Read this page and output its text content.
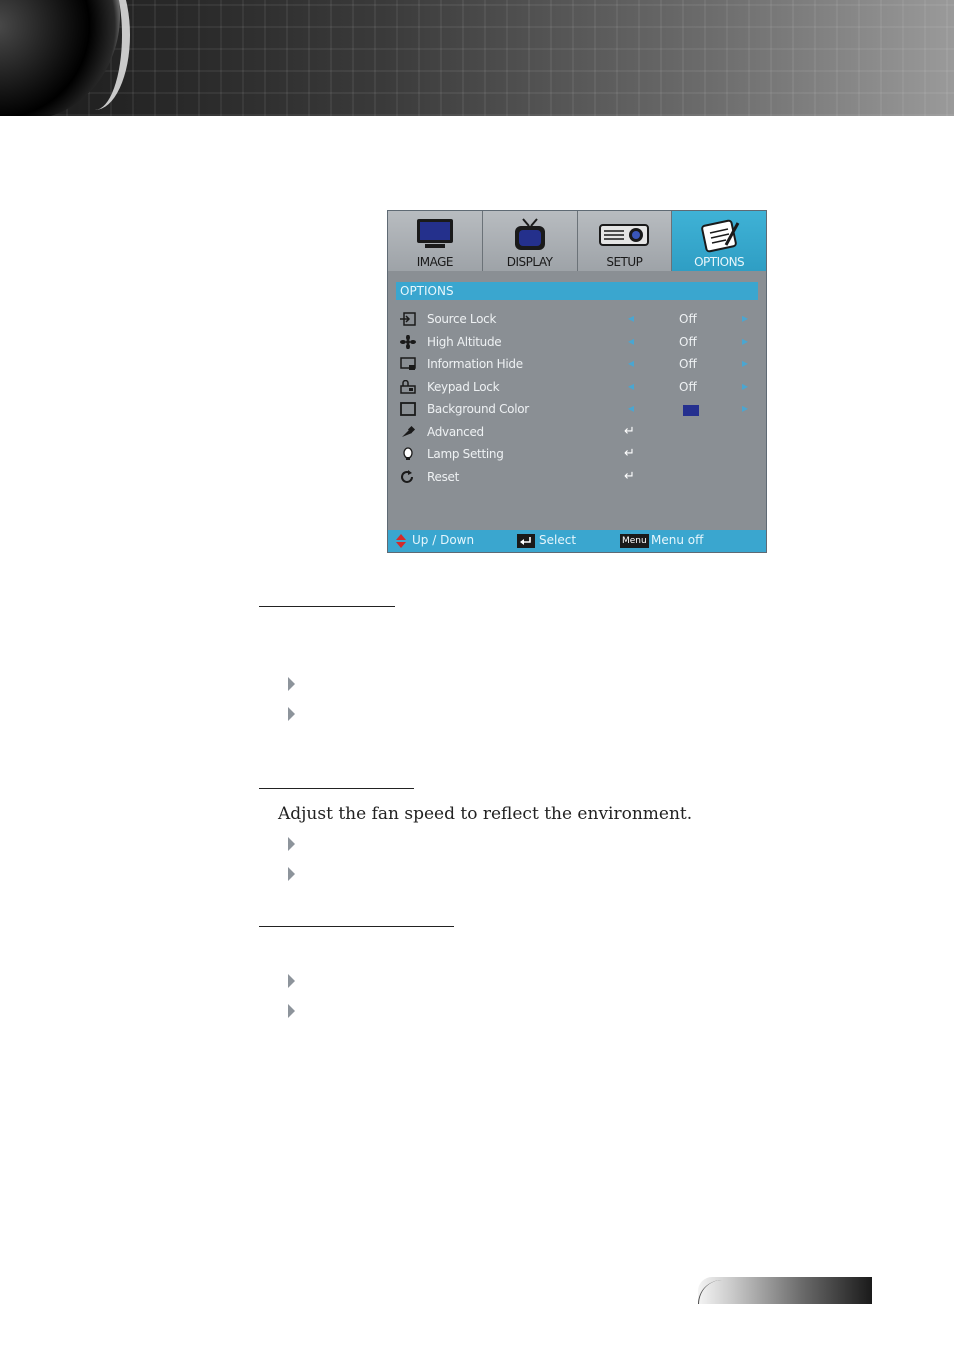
IMAGE	DISPLAY	SETUP	OPTIONS
OPTIONS
Source Lock	◂	Off	▸
High Altitude	◂	Off	▸
Information Hide	◂	Off	▸
Keypad Lock	◂	Off	▸
Background Color	◂	▸
Advanced	↵
Lamp Setting	↵
Reset	↵
Up / Down	Select	Menu Menu off
Adjust the fan speed to reflect the environment.
